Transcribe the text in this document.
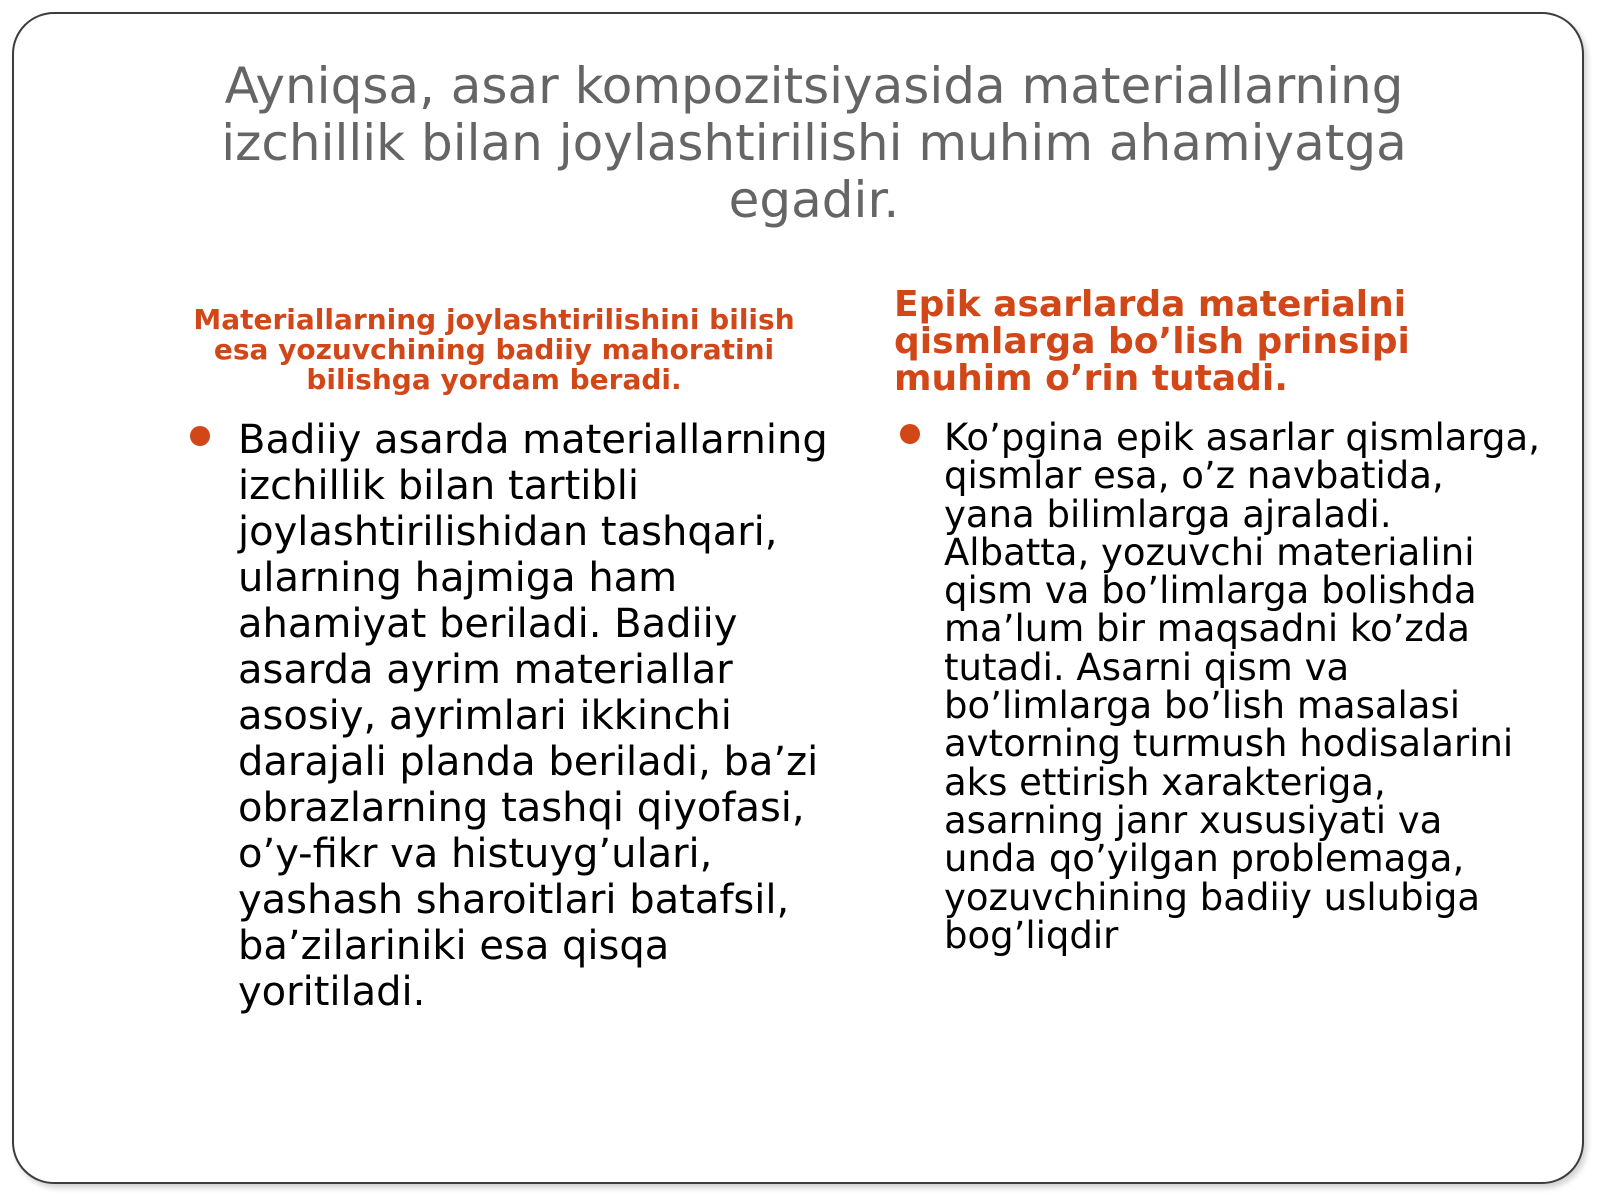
Ayniqsa, asar kompozitsiyasida materiallarning izchillik bilan joylashtirilishi muhim ahamiyatga egadir.
Materiallarning joylashtirilishini bilish esa yozuvchining badiiy mahoratini bilishga yordam beradi.
Badiiy asarda materiallarning izchillik bilan tartibli joylashtirilishidan tashqari, ularning hajmiga ham ahamiyat beriladi. Badiiy asarda ayrim materiallar asosiy, ayrimlari ikkinchi darajali planda beriladi, ba’zi obrazlarning tashqi qiyofasi, o’y-fikr va histuyg’ulari, yashash sharoitlari batafsil, ba’zilariniki esa qisqa yoritiladi.
Epik asarlarda materialni qismlarga bo’lish prinsipi muhim o’rin tutadi.
Ko’pgina epik asarlar qismlarga, qismlar esa, o’z navbatida, yana bilimlarga ajraladi. Albatta, yozuvchi materialini qism va bo’limlarga bolishda ma’lum bir maqsadni ko’zda tutadi. Asarni qism va bo’limlarga bo’lish masalasi avtorning turmush hodisalarini aks ettirish xarakteriga, asarning janr xususiyati va unda qo’yilgan problemaga, yozuvchining badiiy uslubiga bog’liqdir
